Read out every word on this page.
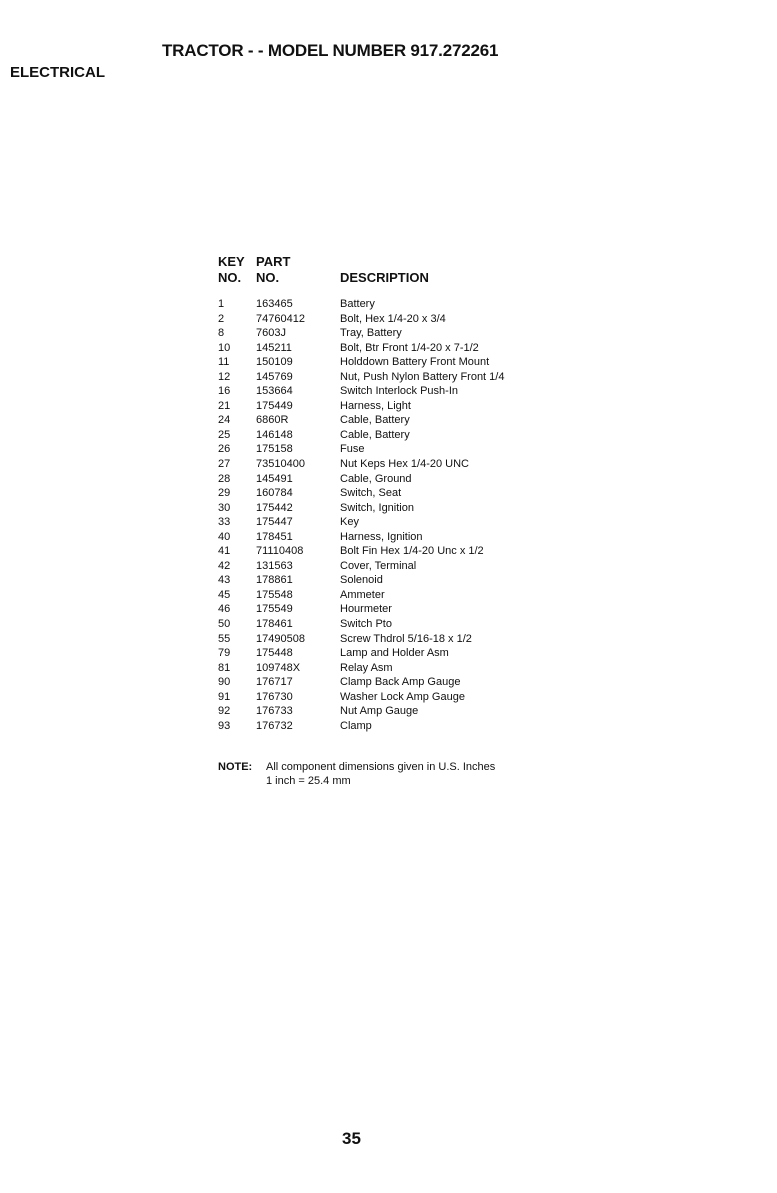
TRACTOR - - MODEL NUMBER 917.272261
ELECTRICAL
KEY PART
NO. NO.	DESCRIPTION
1	163465	Battery
2	74760412	Bolt, Hex 1/4-20 x 3/4
8	7603J	Tray, Battery
10 145211	Bolt, Btr Front 1/4-20 x 7-1/2
11 150109	Holddown Battery Front Mount
12 145769	Nut, Push Nylon Battery Front 1/4
16 153664	Switch Interlock Push-In
21 175449	Harness, Light
24 6860R	Cable, Battery
25 146148	Cable, Battery
26 175158	Fuse
27 73510400	Nut Keps Hex 1/4-20 UNC
28 145491	Cable, Ground
29 160784	Switch, Seat
30 175442	Switch, Ignition
33 175447	Key
40 178451	Harness, Ignition
41 71110408	Bolt Fin Hex 1/4-20 Unc x 1/2
42 131563	Cover, Terminal
43 178861	Solenoid
45 175548	Ammeter
46 175549	Hourmeter
50 178461	Switch Pto
55 17490508	Screw Thdrol 5/16-18 x 1/2
79 175448	Lamp and Holder Asm
81 109748X	Relay Asm
90 176717	Clamp Back Amp Gauge
91 176730	Washer Lock Amp Gauge
92 176733	Nut Amp Gauge
93 176732	Clamp
NOTE: All component dimensions given in U.S. Inches
1 inch = 25.4 mm
35
